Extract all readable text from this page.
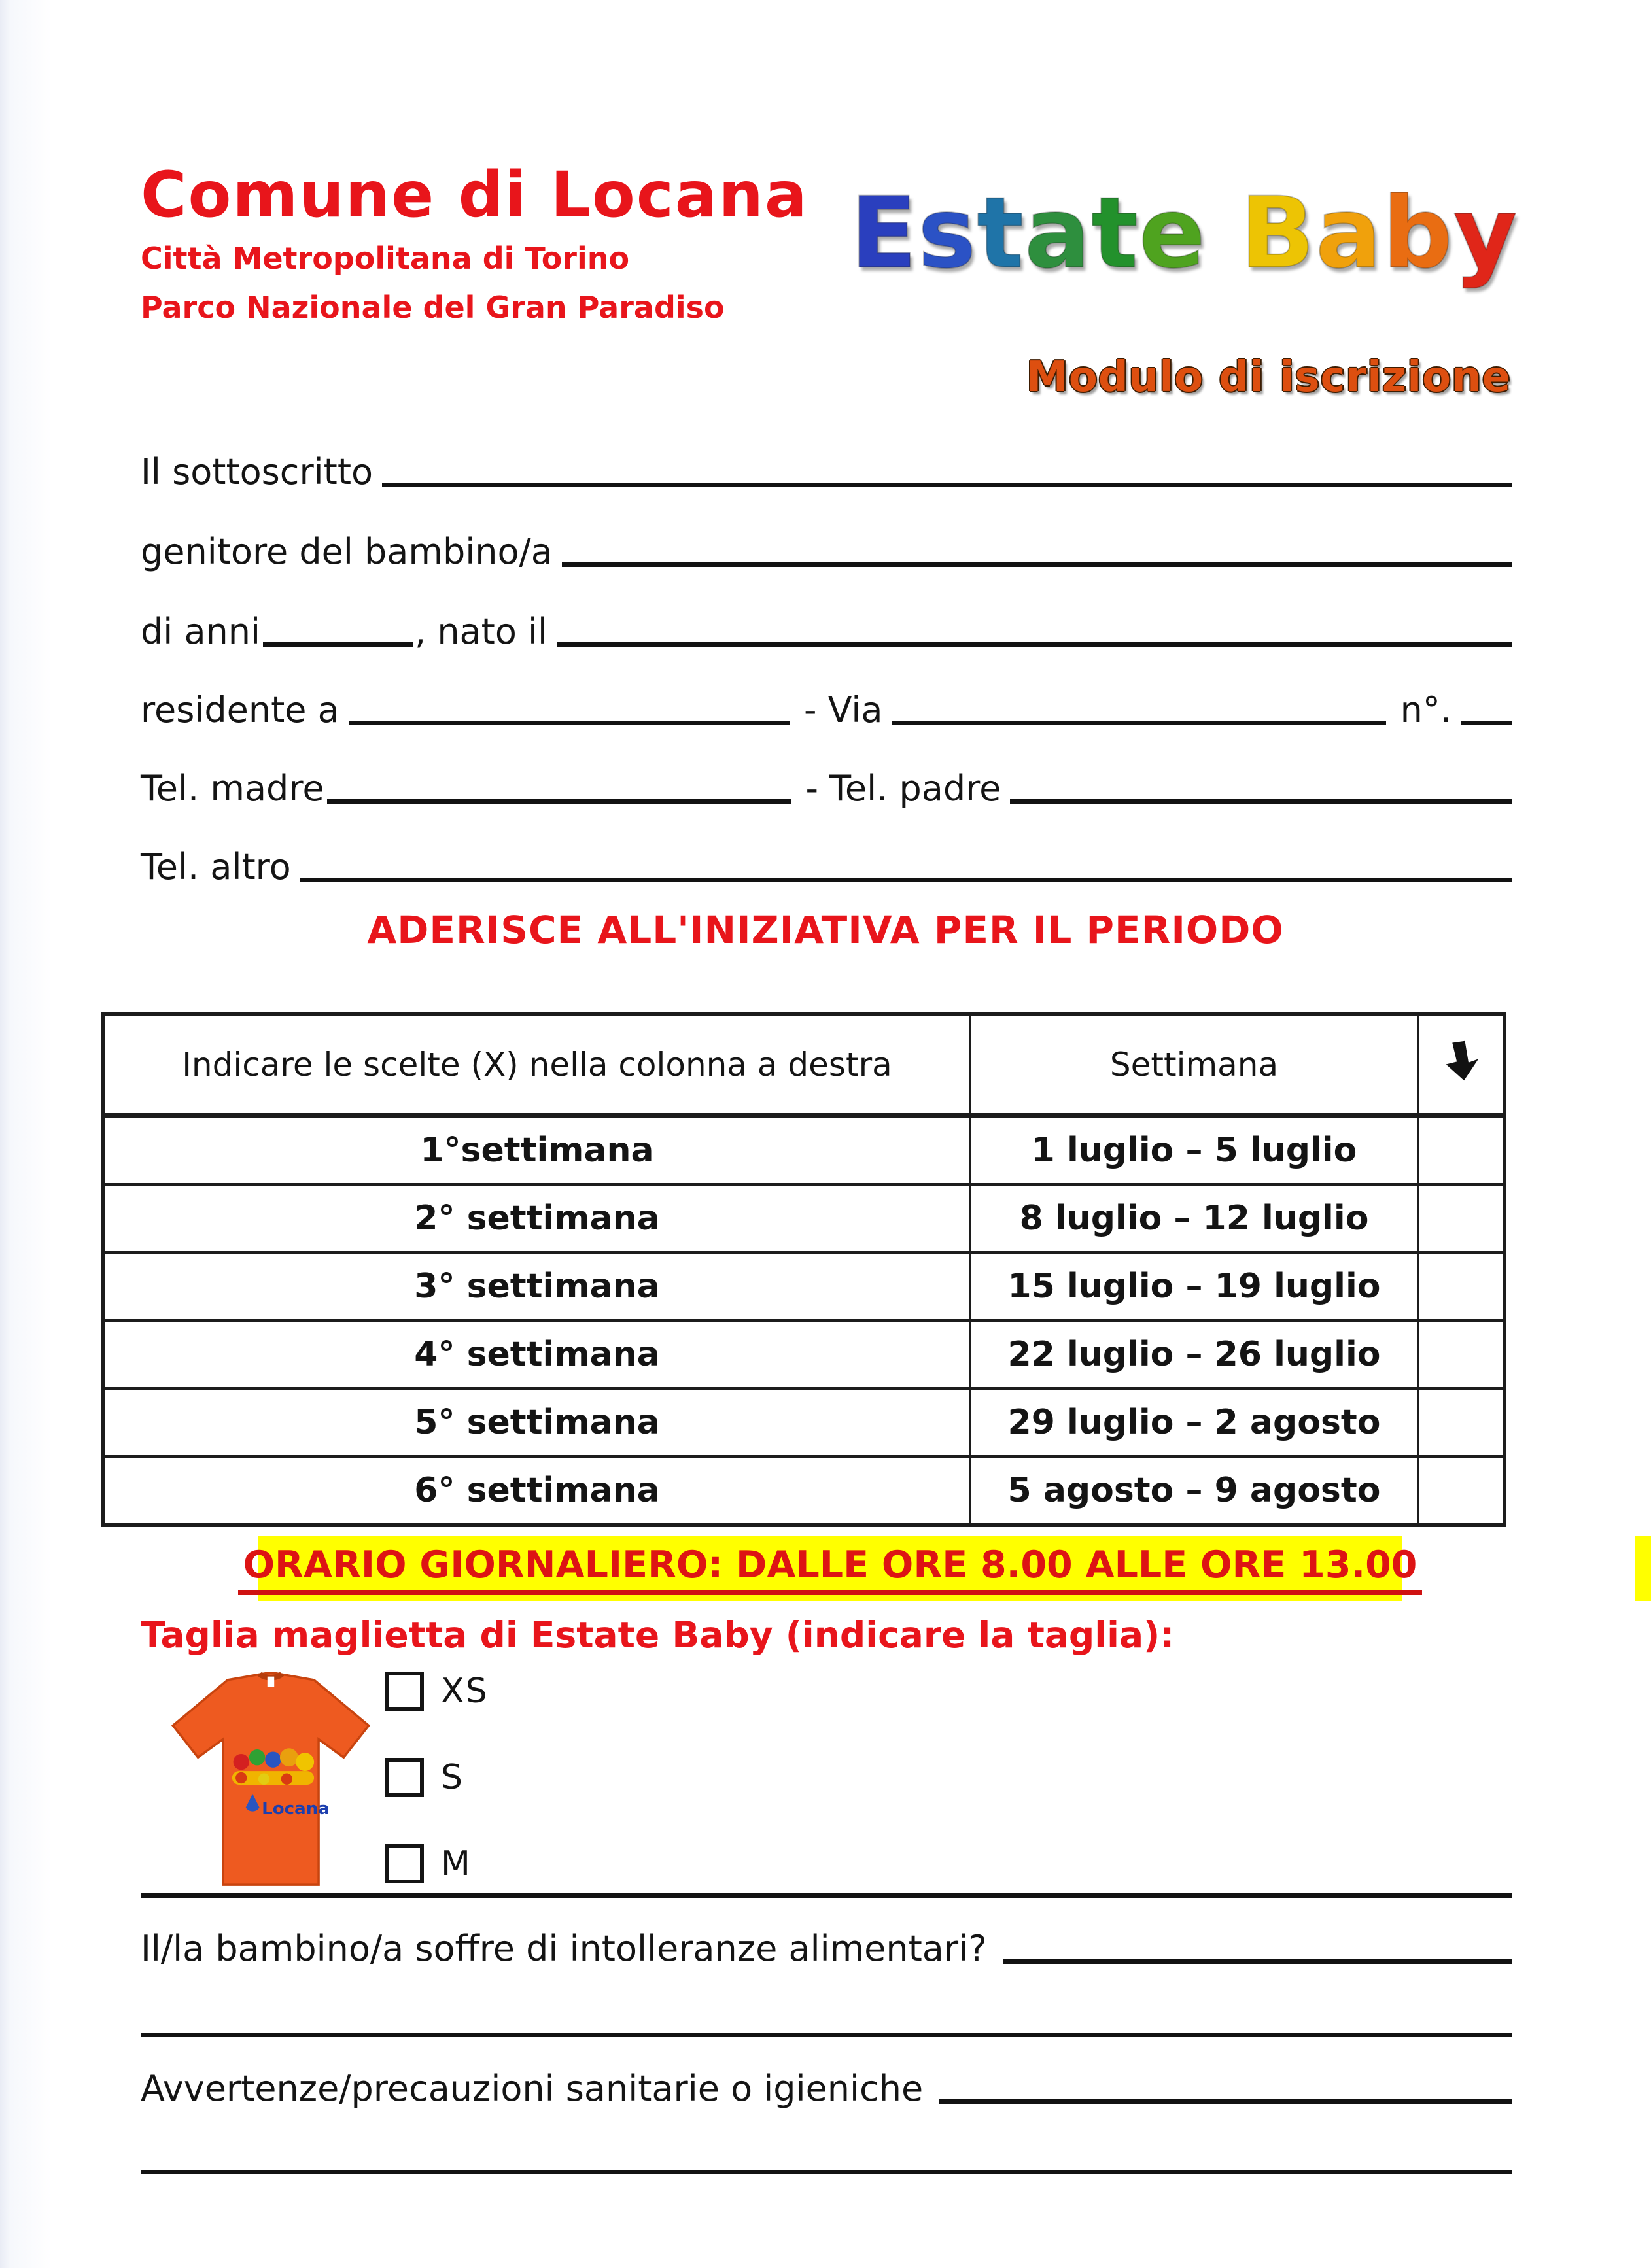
Comune di Locana
Città Metropolitana di Torino
Parco Nazionale del Gran Paradiso
Estate Baby
Modulo di iscrizione
Il sottoscritto
genitore del bambino/a
di anni	, nato il
residente a	- Via	n°.
Tel. madre	- Tel. padre
Tel. altro
ADERISCE ALL'INIZIATIVA PER IL PERIODO
Indicare le scelte (X) nella colonna a destra	Settimana	
1°settimana	1 luglio – 5 luglio	
2° settimana	8 luglio – 12 luglio	
3° settimana	15 luglio – 19 luglio	
4° settimana	22 luglio – 26 luglio	
5° settimana	29 luglio – 2 agosto	
6° settimana	5 agosto – 9 agosto	
ORARIO GIORNALIERO: DALLE ORE 8.00 ALLE ORE 13.00
Taglia maglietta di Estate Baby (indicare la taglia):
Locana
XS
S
M
Il/la bambino/a soffre di intolleranze alimentari?
Avvertenze/precauzioni sanitarie o igieniche
